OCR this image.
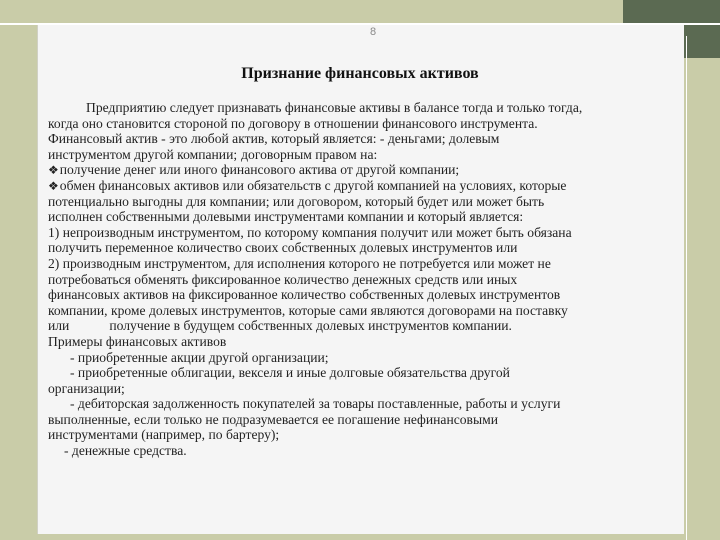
8
Признание финансовых активов
Предприятию следует признавать финансовые активы в балансе тогда и только тогда,
когда оно становится стороной по договору в отношении финансового инструмента.
Финансовый актив - это любой актив, который является: - деньгами; долевым
инструментом другой компании; договорным правом на:
❖получение денег или иного финансового актива от другой компании;
❖обмен финансовых активов или обязательств с другой компанией на условиях, которые
потенциально выгодны для компании; или договором, который будет или может быть
исполнен собственными долевыми инструментами компании и который является:
1) непроизводным инструментом, по которому компания получит или может быть обязана
получить переменное количество своих собственных долевых инструментов или
2) производным инструментом, для исполнения которого не потребуется или может не
потребоваться обменять фиксированное количество денежных средств или иных
финансовых активов на фиксированное количество собственных долевых инструментов
компании, кроме долевых инструментов, которые сами являются договорами на поставку
или	получение в будущем собственных долевых инструментов компании.
Примеры финансовых активов
- приобретенные акции другой организации;
- приобретенные облигации, векселя и иные долговые обязательства другой
организации;
- дебиторская задолженность покупателей за товары поставленные, работы и услуги
выполненные, если только не подразумевается ее погашение нефинансовыми
инструментами (например, по бартеру);
- денежные средства.
